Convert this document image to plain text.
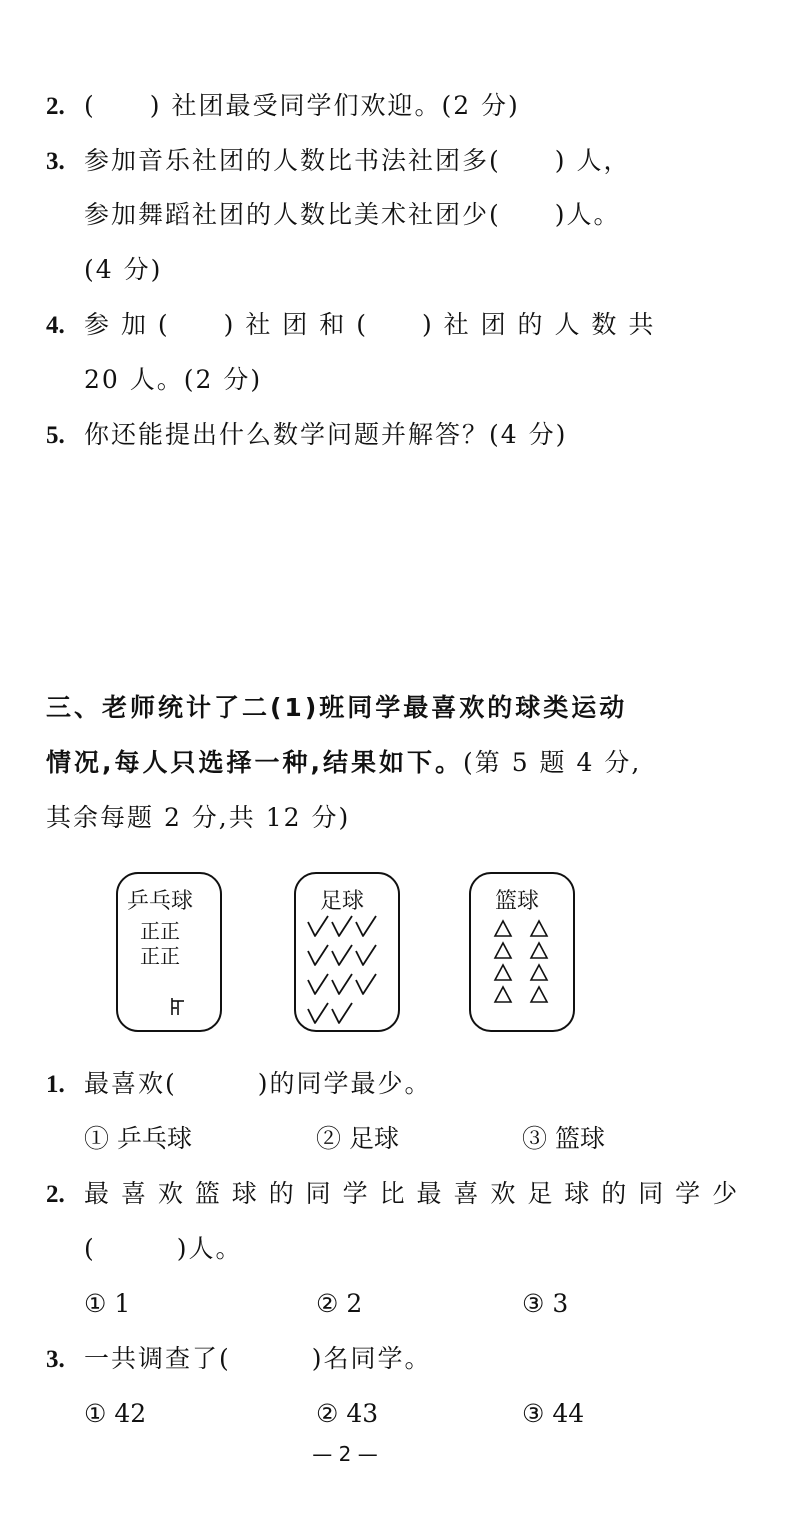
2. (　　) 社团最受同学们欢迎。(2 分)
3. 参加音乐社团的人数比书法社团多(　　) 人，
参加舞蹈社团的人数比美术社团少(　　)人。
(4 分)
4. 参 加 (　　) 社 团 和 (　　) 社 团 的 人 数 共
20 人。(2 分)
5. 你还能提出什么数学问题并解答？(4 分)
三、老师统计了二(1)班同学最喜欢的球类运动
情况,每人只选择一种,结果如下。(第 5 题 4 分,
其余每题 2 分,共 12 分)
乒乓球
正正
正正

足球	篮球
1. 最喜欢(　　　)的同学最少。
① 乒乓球	② 足球	③ 篮球
2. 最 喜 欢 篮 球 的 同 学 比 最 喜 欢 足 球 的 同 学 少
(　　　)人。
① 1	② 2	③ 3
3. 一共调查了(　　　)名同学。
① 42	② 43	③ 44
— 2 —
